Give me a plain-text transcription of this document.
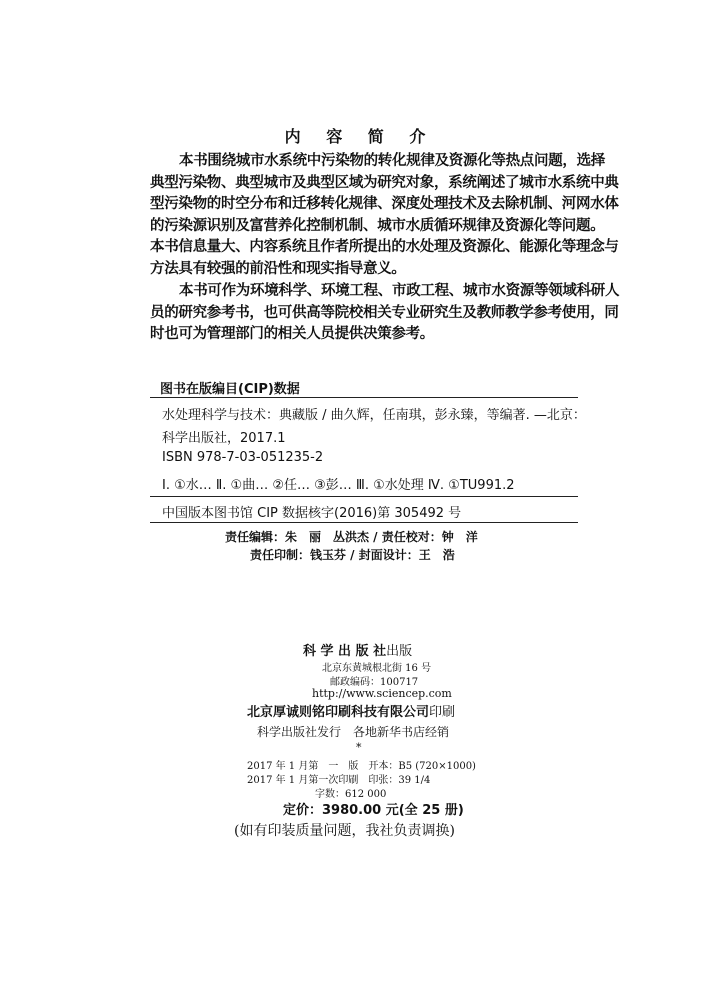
内 容 简 介
本书围绕城市水系统中污染物的转化规律及资源化等热点问题，选择
典型污染物、典型城市及典型区域为研究对象，系统阐述了城市水系统中典
型污染物的时空分布和迁移转化规律、深度处理技术及去除机制、河网水体
的污染源识别及富营养化控制机制、城市水质循环规律及资源化等问题。
本书信息量大、内容系统且作者所提出的水处理及资源化、能源化等理念与
方法具有较强的前沿性和现实指导意义。
本书可作为环境科学、环境工程、市政工程、城市水资源等领域科研人
员的研究参考书，也可供高等院校相关专业研究生及教师教学参考使用，同
时也可为管理部门的相关人员提供决策参考。
图书在版编目(CIP)数据
水处理科学与技术：典藏版 / 曲久辉，任南琪，彭永臻，等编著. —北京：
科学出版社，2017.1
ISBN 978-7-03-051235-2
Ⅰ. ①水… Ⅱ. ①曲… ②任… ③彭… Ⅲ. ①水处理 Ⅳ. ①TU991.2
中国版本图书馆 CIP 数据核字(2016)第 305492 号
责任编辑：朱　丽　丛洪杰 / 责任校对：钟　洋
责任印制：钱玉芬 / 封面设计：王　浩
科 学 出 版 社出版
北京东黄城根北街 16 号
邮政编码：100717
http://www.sciencep.com
北京厚诚则铭印刷科技有限公司印刷
科学出版社发行　各地新华书店经销
*
2017 年 1 月第　一　版　开本：B5 (720×1000)
2017 年 1 月第一次印刷　印张：39 1/4
字数：612 000
定价：3980.00 元(全 25 册)
(如有印装质量问题，我社负责调换)
